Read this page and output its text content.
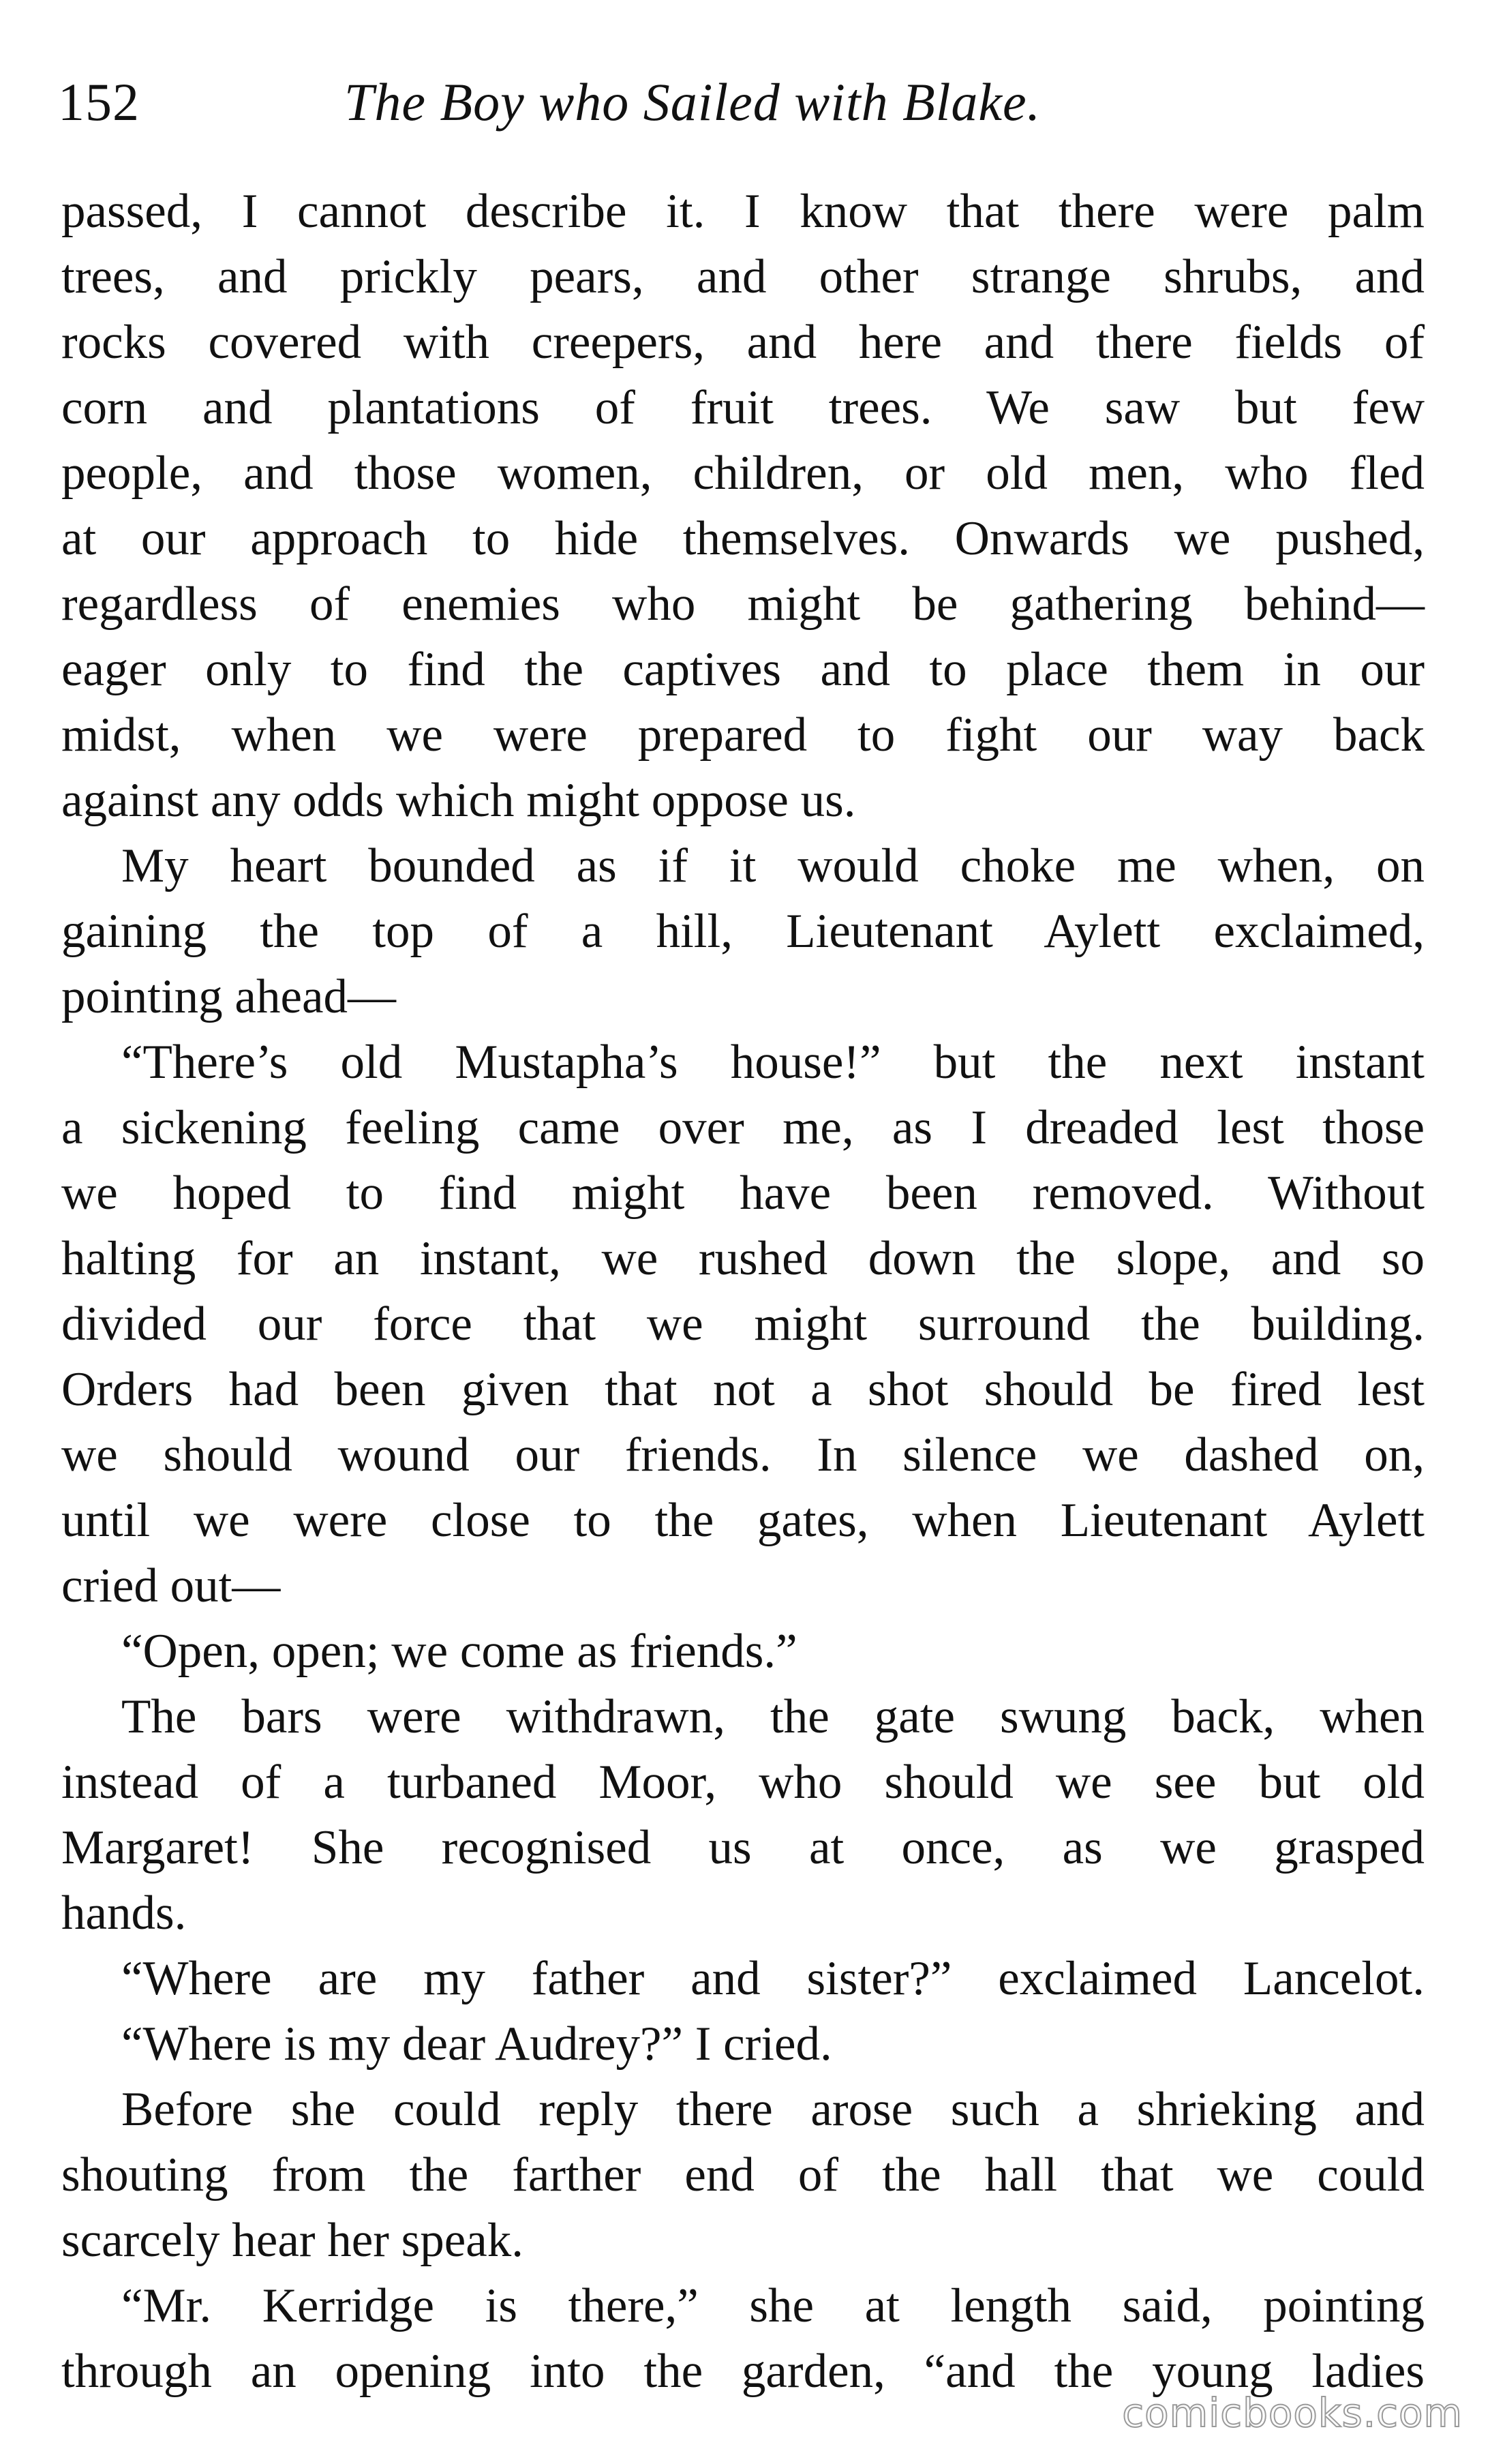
152	The Boy who Sailed with Blake.
passed, I cannot describe it. I know that there were palm
trees, and prickly pears, and other strange shrubs, and
rocks covered with creepers, and here and there fields of
corn and plantations of fruit trees. We saw but few
people, and those women, children, or old men, who fled
at our approach to hide themselves. Onwards we pushed,
regardless of enemies who might be gathering behind—
eager only to find the captives and to place them in our
midst, when we were prepared to fight our way back
against any odds which might oppose us.
My heart bounded as if it would choke me when, on
gaining the top of a hill, Lieutenant Aylett exclaimed,
pointing ahead—
“There’s old Mustapha’s house!” but the next instant
a sickening feeling came over me, as I dreaded lest those
we hoped to find might have been removed. Without
halting for an instant, we rushed down the slope, and so
divided our force that we might surround the building.
Orders had been given that not a shot should be fired lest
we should wound our friends. In silence we dashed on,
until we were close to the gates, when Lieutenant Aylett
cried out—
“Open, open; we come as friends.”
The bars were withdrawn, the gate swung back, when
instead of a turbaned Moor, who should we see but old
Margaret! She recognised us at once, as we grasped
hands.
“Where are my father and sister?” exclaimed Lancelot.
“Where is my dear Audrey?” I cried.
Before she could reply there arose such a shrieking and
shouting from the farther end of the hall that we could
scarcely hear her speak.
“Mr. Kerridge is there,” she at length said, pointing
through an opening into the garden, “and the young ladies
comicbooks.com
